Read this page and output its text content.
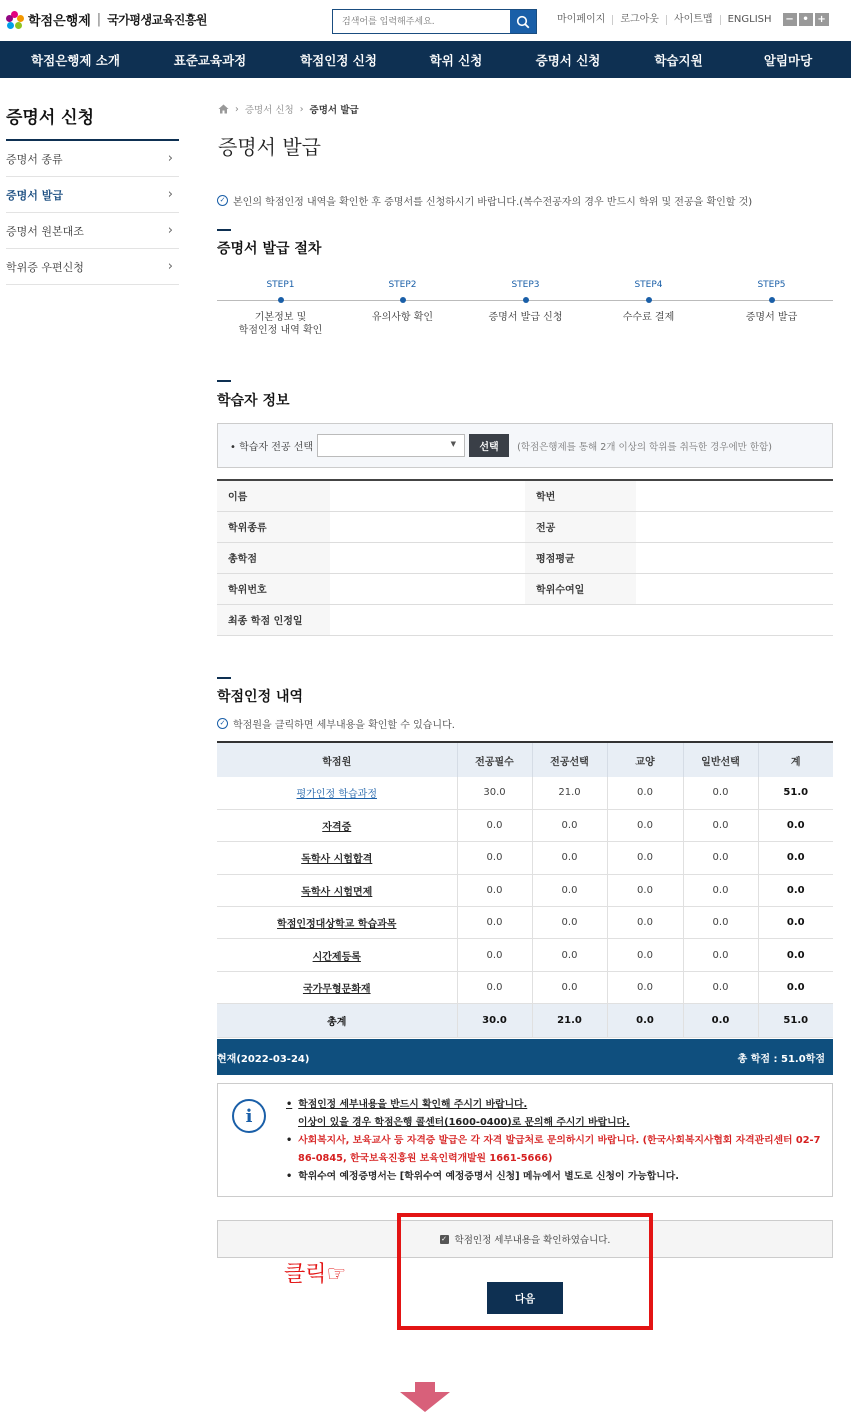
학점은행제 | 국가평생교육진흥원
검색어를 입력해주세요.	마이페이지	로그아웃	사이트맵	ENGLISH	− • +
학점은행제 소개	표준교육과정	학점인정 신청	학위 신청	증명서 신청	학습지원	알림마당
증명서 신청
증명서 종류	›
증명서 발급	›
증명서 원본대조	›
학위증 우편신청	›
› 증명서 신청 › 증명서 발급
증명서 발급
✓ 본인의 학점인정 내역을 확인한 후 증명서를 신청하시기 바랍니다.(복수전공자의 경우 반드시 학위 및 전공을 확인할 것)
증명서 발급 절차
STEP1
기본정보 및
학점인정 내역 확인
STEP2
유의사항 확인
STEP3
증명서 발급 신청
STEP4
수수료 결제
STEP5
증명서 발급
학습자 정보
• 학습자 전공 선택	▼	선택	(학점은행제를 통해 2개 이상의 학위를 취득한 경우에만 한함)
이름		학번	
학위종류		전공	
총학점		평점평균	
학위번호		학위수여일	
최종 학점 인정일			
학점인정 내역
✓ 학점원을 클릭하면 세부내용을 확인할 수 있습니다.
학점원	전공필수	전공선택	교양	일반선택	계
평가인정 학습과정	30.0	21.0	0.0	0.0	51.0
자격증	0.0	0.0	0.0	0.0	0.0
독학사 시험합격	0.0	0.0	0.0	0.0	0.0
독학사 시험면제	0.0	0.0	0.0	0.0	0.0
학점인정대상학교 학습과목	0.0	0.0	0.0	0.0	0.0
시간제등록	0.0	0.0	0.0	0.0	0.0
국가무형문화재	0.0	0.0	0.0	0.0	0.0
총계	30.0	21.0	0.0	0.0	51.0
현재(2022-03-24)	총 학점 : 51.0학점
i
• 학점인정 세부내용을 반드시 확인해 주시기 바랍니다.
이상이 있을 경우 학점은행 콜센터(1600-0400)로 문의해 주시기 바랍니다.
• 사회복지사, 보육교사 등 자격증 발급은 각 자격 발급처로 문의하시기 바랍니다. (한국사회복지사협회 자격관리센터 02-7
86-0845, 한국보육진흥원 보육인력개발원 1661-5666)
• 학위수여 예정증명서는 [학위수여 예정증명서 신청] 메뉴에서 별도로 신청이 가능합니다.
✓ 학점인정 세부내용을 확인하였습니다.
다음
클릭☞
